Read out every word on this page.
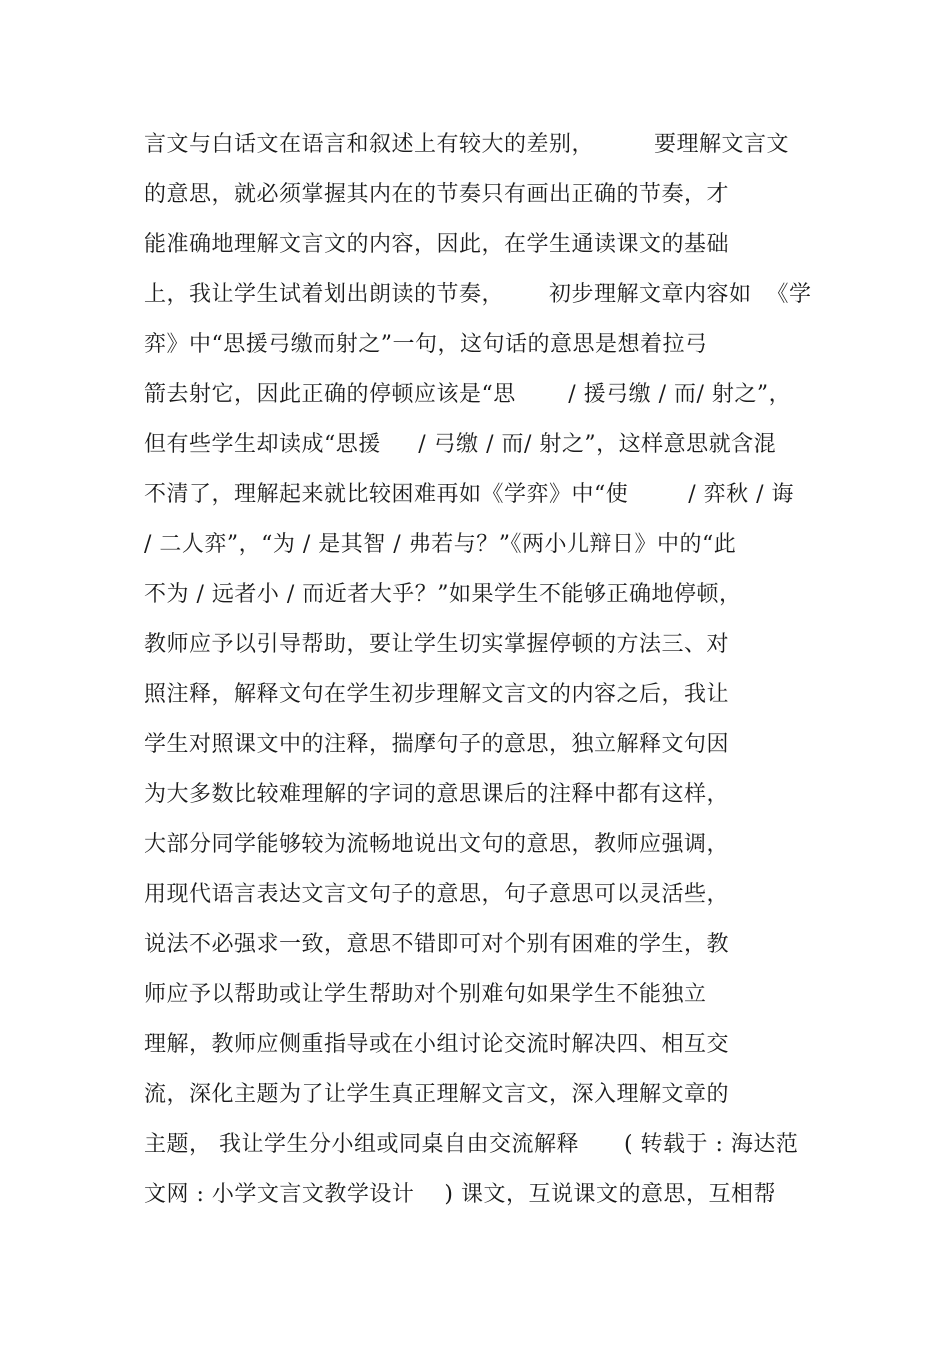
言文与白话文在语言和叙述上有较大的差别，        要理解文言文
的意思，就必须掌握其内在的节奏只有画出正确的节奏，才
能准确地理解文言文的内容，因此，在学生通读课文的基础
上，我让学生试着划出朗读的节奏，      初步理解文章内容如  《学
弈》中“思援弓缴而射之”一句，这句话的意思是想着拉弓
箭去射它，因此正确的停顿应该是“思       / 援弓缴 / 而/ 射之”，
但有些学生却读成“思援     / 弓缴 / 而/ 射之”，这样意思就含混
不清了，理解起来就比较困难再如《学弈》中“使        / 弈秋 / 诲
/ 二人弈”，“为 / 是其智 / 弗若与？”《两小儿辩日》中的“此
不为 / 远者小 / 而近者大乎？”如果学生不能够正确地停顿，
教师应予以引导帮助，要让学生切实掌握停顿的方法三、对
照注释，解释文句在学生初步理解文言文的内容之后，我让
学生对照课文中的注释，揣摩句子的意思，独立解释文句因
为大多数比较难理解的字词的意思课后的注释中都有这样，
大部分同学能够较为流畅地说出文句的意思，教师应强调，
用现代语言表达文言文句子的意思，句子意思可以灵活些，
说法不必强求一致，意思不错即可对个别有困难的学生，教
师应予以帮助或让学生帮助对个别难句如果学生不能独立
理解，教师应侧重指导或在小组讨论交流时解决四、相互交
流，深化主题为了让学生真正理解文言文，深入理解文章的
主题， 我让学生分小组或同桌自由交流解释      ( 转载于 : 海达范
文网 : 小学文言文教学设计    ) 课文，互说课文的意思，互相帮
